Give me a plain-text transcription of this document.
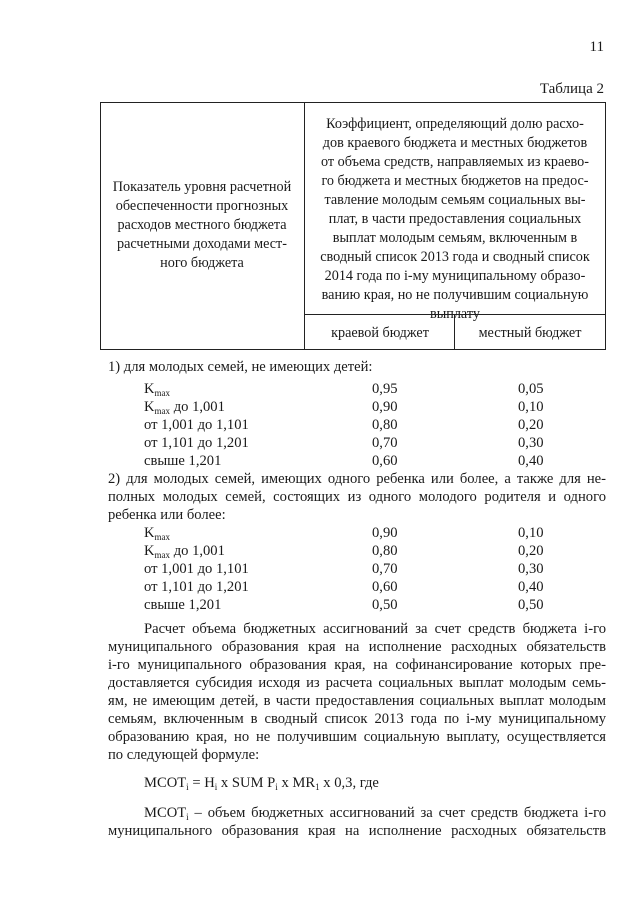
11
Таблица 2
Показатель уровня расчетной
обеспеченности прогнозных
расходов местного бюджета
расчетными доходами мест-
ного бюджета
Коэффициент, определяющий долю расхо-
дов краевого бюджета и местных бюджетов
от объема средств, направляемых из краево-
го бюджета и местных бюджетов на предос-
тавление молодым семьям социальных вы-
плат, в части предоставления социальных
выплат молодым семьям, включенным в
сводный список 2013 года и сводный список
2014 года по i-му муниципальному образо-
ванию края, но не получившим социальную
выплату
краевой бюджет	местный бюджет
1) для молодых семей, не имеющих детей:
$K_{max}$	0,95	0,05
$K_{max}$ до 1,001	0,90	0,10
от 1,001 до 1,101	0,80	0,20
от 1,101 до 1,201	0,70	0,30
свыше 1,201	0,60	0,40
2) для молодых семей, имеющих одного ребенка или более, а также для не-
полных молодых семей, состоящих из одного молодого родителя и одного
ребенка или более:
$K_{max}$	0,90	0,10
$K_{max}$ до 1,001	0,80	0,20
от 1,001 до 1,101	0,70	0,30
от 1,101 до 1,201	0,60	0,40
свыше 1,201	0,50	0,50
Расчет объема бюджетных ассигнований за счет средств бюджета i-го
муниципального образования края на исполнение расходных обязательств
i-го муниципального образования края, на софинансирование которых пре-
доставляется субсидия исходя из расчета социальных выплат молодым семь-
ям, не имеющим детей, в части предоставления социальных выплат молодым
семьям, включенным в сводный список 2013 года по i-му муниципальному
образованию края, но не получившим социальную выплату, осуществляется
по следующей формуле:
$МСОТ_i = H_i$ x SUM $P_i$ x $MR_1$ x 0,3, где
$МСОТ_i$ – объем бюджетных ассигнований за счет средств бюджета i-го
муниципального образования края на исполнение расходных обязательств
